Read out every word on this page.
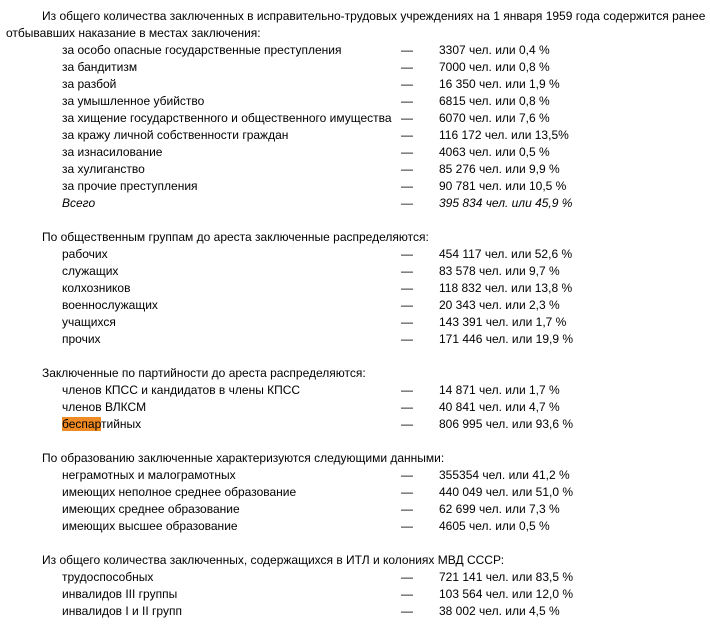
Из общего количества заключенных в исправительно-трудовых учреждениях на 1 января 1959 года содержится ранее отбывавших наказание в местах заключения:

за особо опасные государственные преступления	— 3307 чел. или 0,4 %
за бандитизм	— 7000 чел. или 0,8 %
за разбой	— 16 350 чел. или 1,9 %
за умышленное убийство	— 6815 чел. или 0,8 %
за хищение государственного и общественного имущества — 6070 чел. или 7,6 %
за кражу личной собственности граждан	— 116 172 чел. или 13,5%
за изнасилование	— 4063 чел. или 0,5 %
за хулиганство	— 85 276 чел. или 9,9 %
за прочие преступления	— 90 781 чел. или 10,5 %
Всего	— 395 834 чел. или 45,9 %

По общественным группам до ареста заключенные распределяются:

рабочих	— 454 117 чел. или 52,6 %
служащих	— 83 578 чел. или 9,7 %
колхозников	— 118 832 чел. или 13,8 %
военнослужащих	— 20 343 чел. или 2,3 %
учащихся	— 143 391 чел. или 1,7 %
прочих	— 171 446 чел. или 19,9 %

Заключенные по партийности до ареста распределяются:

членов КПСС и кандидатов в члены КПСС	— 14 871 чел. или 1,7 %
членов ВЛКСМ	— 40 841 чел. или 4,7 %
беспартийных	— 806 995 чел. или 93,6 %

По образованию заключенные характеризуются следующими данными:

неграмотных и малограмотных	— 355354 чел. или 41,2 %
имеющих неполное среднее образование	— 440 049 чел. или 51,0 %
имеющих среднее образование	— 62 699 чел. или 7,3 %
имеющих высшее образование	— 4605 чел. или 0,5 %

Из общего количества заключенных, содержащихся в ИТЛ и колониях МВД СССР:

трудоспособных	— 721 141 чел. или 83,5 %
инвалидов III группы	— 103 564 чел. или 12,0 %
инвалидов I и II групп	— 38 002 чел. или 4,5 %
